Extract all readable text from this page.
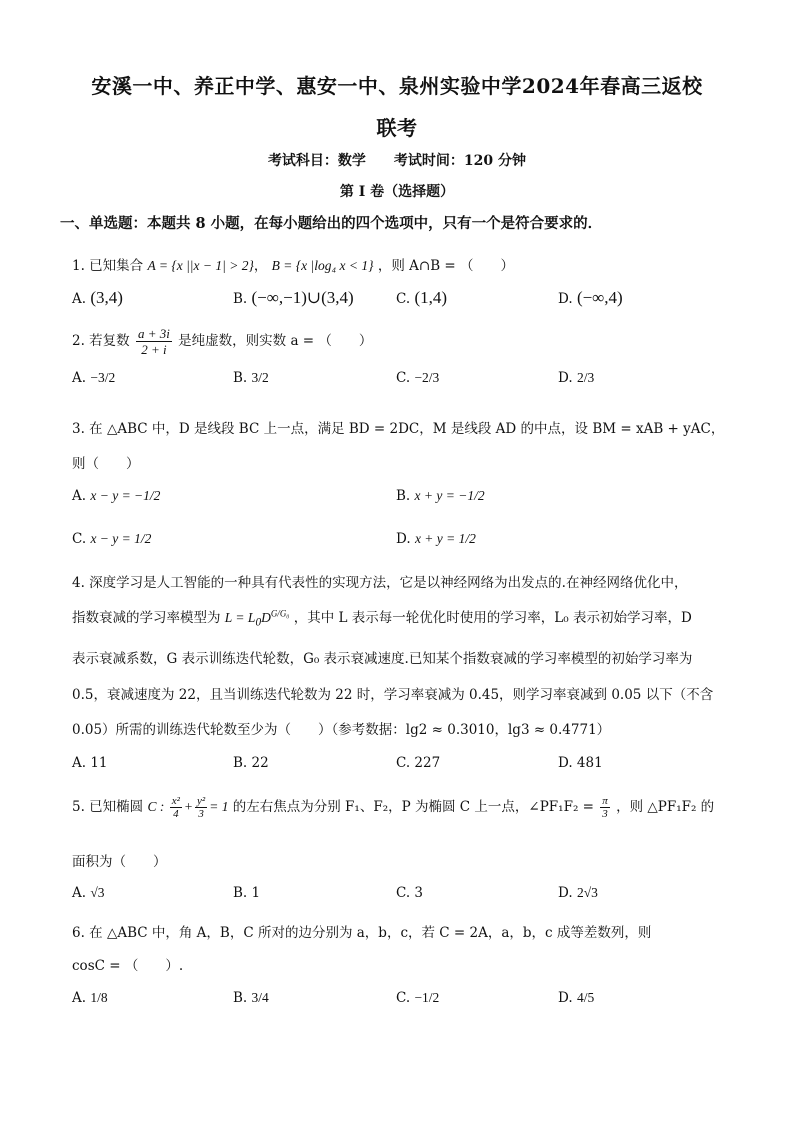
安溪一中、养正中学、惠安一中、泉州实验中学2024年春高三返校
联考
考试科目：数学　　考试时间：120 分钟
第 I 卷（选择题）
一、单选题：本题共 8 小题，在每小题给出的四个选项中，只有一个是符合要求的．
1. 已知集合 A = {x ||x − 1| > 2}， B = {x |log₄ x < 1} ，则 A∩B = （　　）
A. (3,4)	B. (−∞,−1)∪(3,4)	C. (1,4)	D. (−∞,4)
2. 若复数 $\frac{a + 3i}{2 + i}$ 是纯虚数，则实数 a = （　　）
A. −3/2	B. 3/2	C. −2/3	D. 2/3
3. 在 △ABC 中，D 是线段 BC 上一点，满足 BD = 2DC，M 是线段 AD 的中点，设 BM = xAB + yAC，
则（　　）
A. x − y = −1/2	B. x + y = −1/2
C. x − y = 1/2	D. x + y = 1/2
4. 深度学习是人工智能的一种具有代表性的实现方法，它是以神经网络为出发点的.在神经网络优化中，
指数衰减的学习率模型为 $L = L_0D^{G/G_0}$ ，其中 L 表示每一轮优化时使用的学习率，L₀ 表示初始学习率，D
表示衰减系数，G 表示训练迭代轮数，G₀ 表示衰减速度.已知某个指数衰减的学习率模型的初始学习率为
0.5，衰减速度为 22，且当训练迭代轮数为 22 时，学习率衰减为 0.45，则学习率衰减到 0.05 以下（不含
0.05）所需的训练迭代轮数至少为（　　）（参考数据：lg2 ≈ 0.3010，lg3 ≈ 0.4771）
A. 11	B. 22	C. 227	D. 481
5. 已知椭圆 C : $\frac{\text{x²}}{4} + \frac{\text{y²}}{3} = 1$ 的左右焦点为分别 F₁、F₂，P 为椭圆 C 上一点，∠PF₁F₂ = $\frac{\pi}{3}$ ，则 △PF₁F₂ 的
面积为（　　）
A. √3	B. 1	C. 3	D. 2√3
6. 在 △ABC 中，角 A，B，C 所对的边分别为 a，b，c，若 C = 2A，a，b，c 成等差数列，则
cosC = （　　）.
A. 1/8	B. 3/4	C. −1/2	D. 4/5
